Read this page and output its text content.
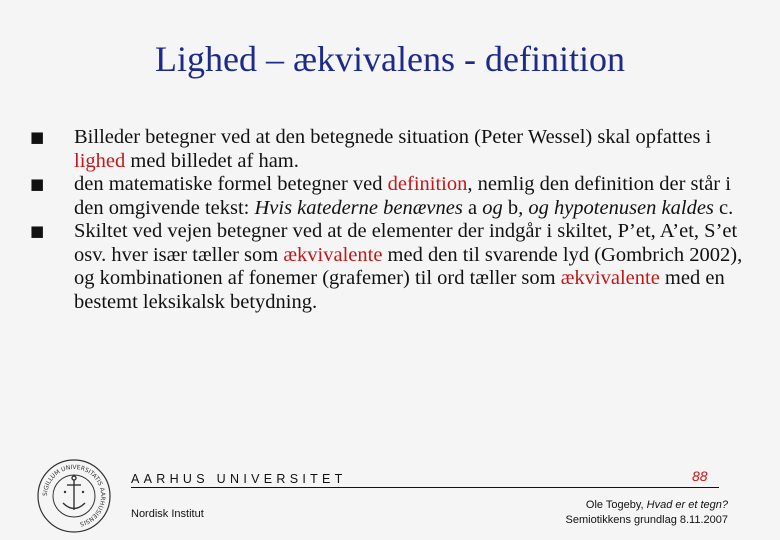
Lighed – ækvivalens - definition
■ Billeder betegner ved at den betegnede situation (Peter Wessel) skal opfattes i lighed med billedet af ham.
■ den matematiske formel betegner ved definition, nemlig den definition der står i den omgivende tekst: Hvis katederne benævnes a og b, og hypotenusen kaldes c.
■ Skiltet ved vejen betegner ved at de elementer der indgår i skiltet, P’et, A’et, S’et osv. hver især tæller som ækvivalente med den til svarende lyd (Gombrich 2002), og kombinationen af fonemer (grafemer) til ord tæller som ækvivalente med en bestemt leksikalsk betydning.
SIGILLUM UNIVERSITATIS AARHUSIENSIS
AARHUS UNIVERSITET	88
Nordisk Institut
Ole Togeby, Hvad er et tegn?
Semiotikkens grundlag 8.11.2007
